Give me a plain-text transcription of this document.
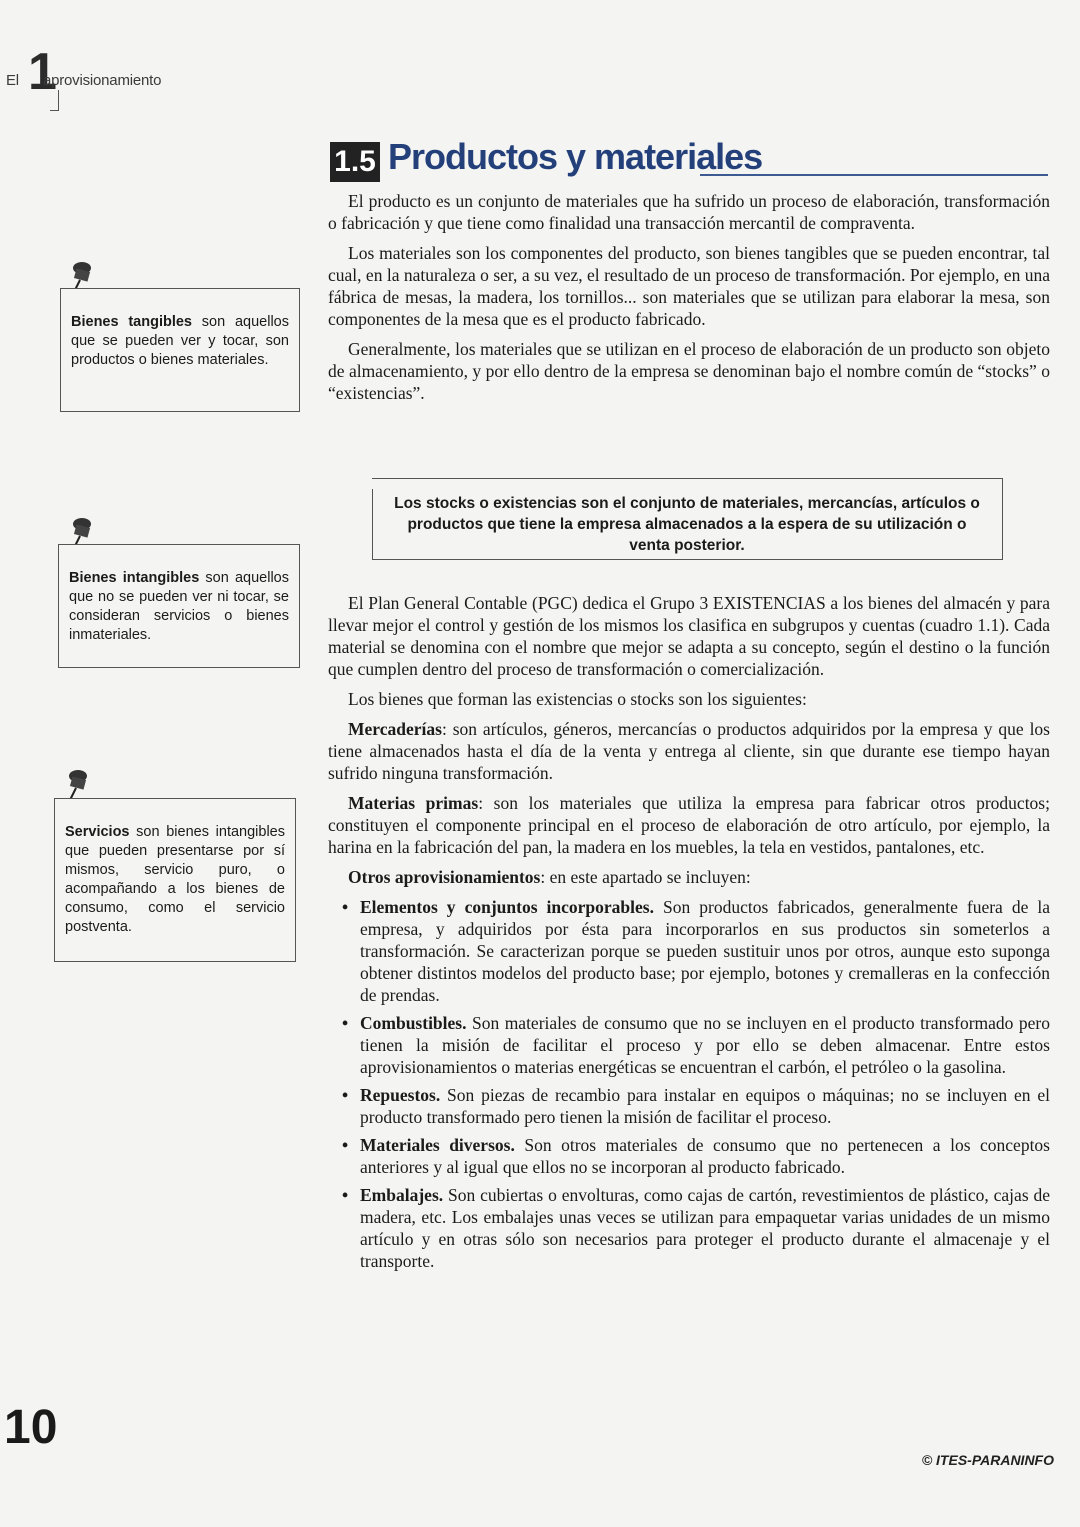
1
El aprovisionamiento
1.5 Productos y materiales

El producto es un conjunto de materiales que ha sufrido un proceso de elaboración, transformación o fabricación y que tiene como finalidad una transacción mercantil de compraventa.

Los materiales son los componentes del producto, son bienes tangibles que se pueden encontrar, tal cual, en la naturaleza o ser, a su vez, el resultado de un proceso de transformación. Por ejemplo, en una fábrica de mesas, la madera, los tornillos... son materiales que se utilizan para elaborar la mesa, son componentes de la mesa que es el producto fabricado.

Generalmente, los materiales que se utilizan en el proceso de elaboración de un producto son objeto de almacenamiento, y por ello dentro de la empresa se denominan bajo el nombre común de “stocks” o “existencias”.

Los stocks o existencias son el conjunto de materiales, mercancías, artículos o productos que tiene la empresa almacenados a la espera de su utilización o venta posterior.

El Plan General Contable (PGC) dedica el Grupo 3 EXISTENCIAS a los bienes del almacén y para llevar mejor el control y gestión de los mismos los clasifica en subgrupos y cuentas (cuadro 1.1). Cada material se denomina con el nombre que mejor se adapta a su concepto, según el destino o la función que cumplen dentro del proceso de transformación o comercialización.

Los bienes que forman las existencias o stocks son los siguientes:

Mercaderías: son artículos, géneros, mercancías o productos adquiridos por la empresa y que los tiene almacenados hasta el día de la venta y entrega al cliente, sin que durante ese tiempo hayan sufrido ninguna transformación.

Materias primas: son los materiales que utiliza la empresa para fabricar otros productos; constituyen el componente principal en el proceso de elaboración de otro artículo, por ejemplo, la harina en la fabricación del pan, la madera en los muebles, la tela en vestidos, pantalones, etc.

Otros aprovisionamientos: en este apartado se incluyen:

• Elementos y conjuntos incorporables. Son productos fabricados, generalmente fuera de la empresa, y adquiridos por ésta para incorporarlos en sus productos sin someterlos a transformación. Se caracterizan porque se pueden sustituir unos por otros, aunque esto suponga obtener distintos modelos del producto base; por ejemplo, botones y cremalleras en la confección de prendas.
• Combustibles. Son materiales de consumo que no se incluyen en el producto transformado pero tienen la misión de facilitar el proceso y por ello se deben almacenar. Entre estos aprovisionamientos o materias energéticas se encuentran el carbón, el petróleo o la gasolina.
• Repuestos. Son piezas de recambio para instalar en equipos o máquinas; no se incluyen en el producto transformado pero tienen la misión de facilitar el proceso.
• Materiales diversos. Son otros materiales de consumo que no pertenecen a los conceptos anteriores y al igual que ellos no se incorporan al producto fabricado.
• Embalajes. Son cubiertas o envolturas, como cajas de cartón, revestimientos de plástico, cajas de madera, etc. Los embalajes unas veces se utilizan para empaquetar varias unidades de un mismo artículo y en otras sólo son necesarios para proteger el producto durante el almacenaje y el transporte.
Bienes tangibles son aquellos que se pueden ver y tocar, son productos o bienes materiales.
Bienes intangibles son aquellos que no se pueden ver ni tocar, se consideran servicios o bienes inmateriales.
Servicios son bienes intangibles que pueden presentarse por sí mismos, servicio puro, o acompañando a los bienes de consumo, como el servicio postventa.
10
© ITES-PARANINFO
